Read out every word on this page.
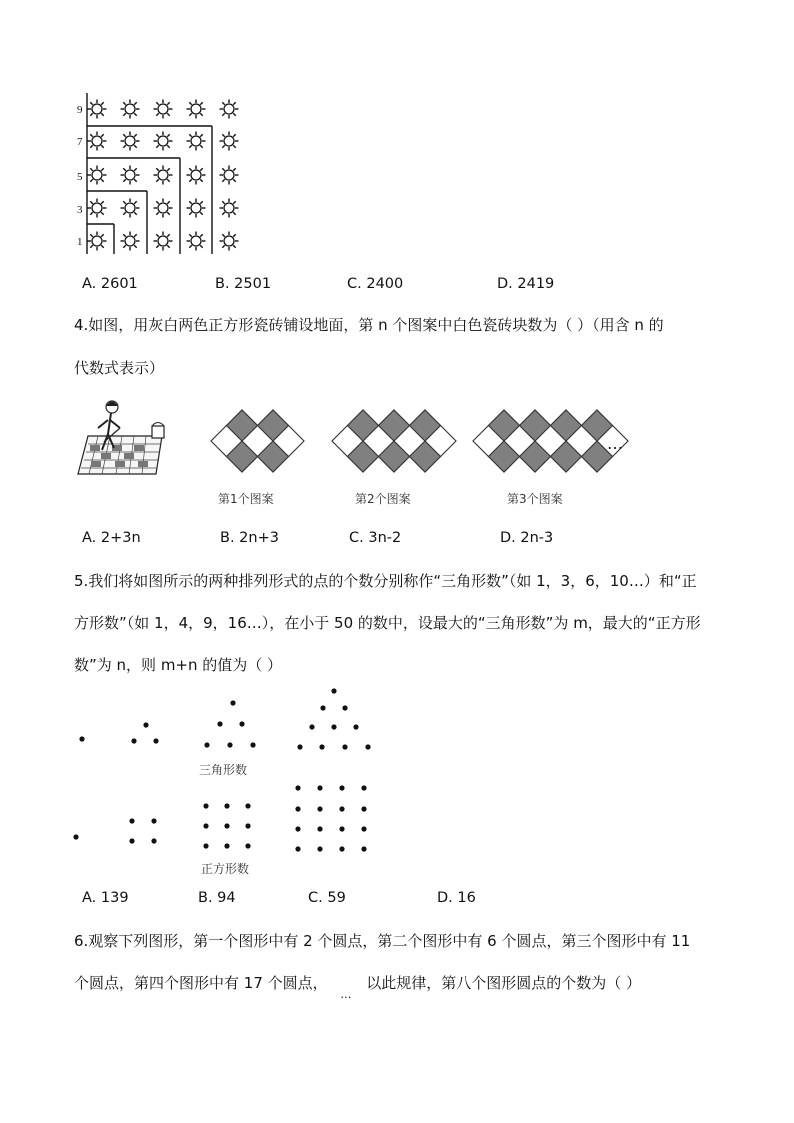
9
7
5
3
1
A. 2601	B. 2501	C. 2400	D. 2419
4.如图，用灰白两色正方形瓷砖铺设地面，第 n 个图案中白色瓷砖块数为（ ）（用含 n 的
代数式表示）
第1个图案	第2个图案	第3个图案
…
A. 2+3n	B. 2n+3	C. 3n-2	D. 2n-3
5.我们将如图所示的两种排列形式的点的个数分别称作“三角形数”（如 1，3，6，10…）和“正
方形数”（如 1，4，9，16…），在小于 50 的数中，设最大的“三角形数”为 m，最大的“正方形
数”为 n，则 m+n 的值为（ ）
三角形数
正方形数
A. 139	B. 94	C. 59	D. 16
6.观察下列图形，第一个图形中有 2 个圆点，第二个图形中有 6 个圆点，第三个图形中有 11
个圆点，第四个图形中有 17 个圆点， $_\dots$ 以此规律，第八个图形圆点的个数为（ ）
